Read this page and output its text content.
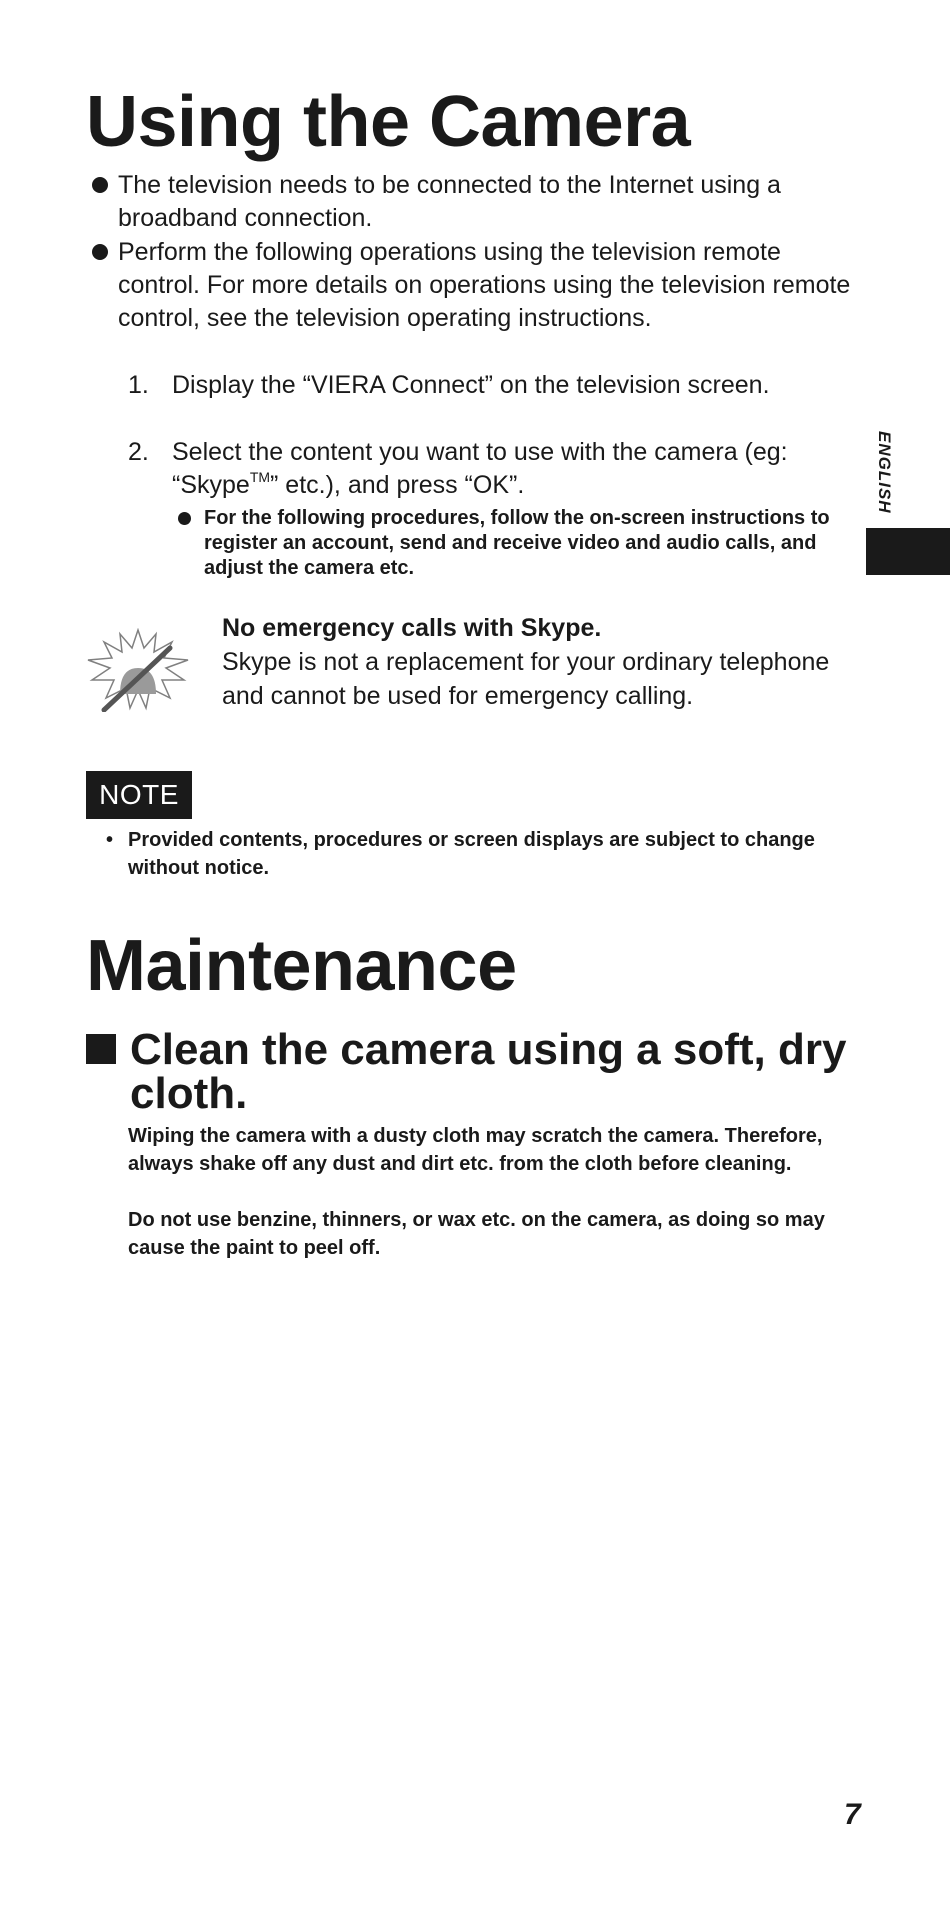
Using the Camera
The television needs to be connected to the Internet using a broadband connection.
Perform the following operations using the television remote control. For more details on operations using the television remote control, see the television operating instructions.
1. Display the “VIERA Connect” on the television screen.
2. Select the content you want to use with the camera (eg: “Skype™” etc.), and press “OK”.
For the following procedures, follow the on-screen instructions to register an account, send and receive video and audio calls, and adjust the camera etc.
ENGLISH
No emergency calls with Skype.
Skype is not a replacement for your ordinary telephone and cannot be used for emergency calling.
NOTE
• Provided contents, procedures or screen displays are subject to change without notice.
Maintenance
Clean the camera using a soft, dry cloth.
Wiping the camera with a dusty cloth may scratch the camera. Therefore, always shake off any dust and dirt etc. from the cloth before cleaning.
Do not use benzine, thinners, or wax etc. on the camera, as doing so may cause the paint to peel off.
7
